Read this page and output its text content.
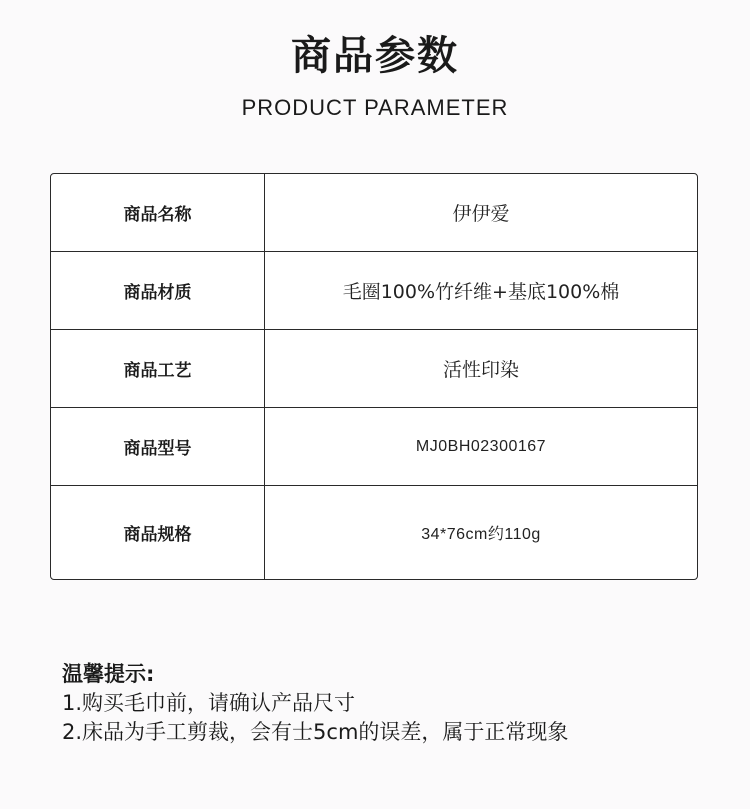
商品参数
PRODUCT PARAMETER
商品名称	伊伊爱
商品材质	毛圈100%竹纤维+基底100%棉
商品工艺	活性印染
商品型号	MJ0BH02300167
商品规格	34*76cm约110g
温馨提示:
1.购买毛巾前，请确认产品尺寸
2.床品为手工剪裁，会有士5cm的误差，属于正常现象
